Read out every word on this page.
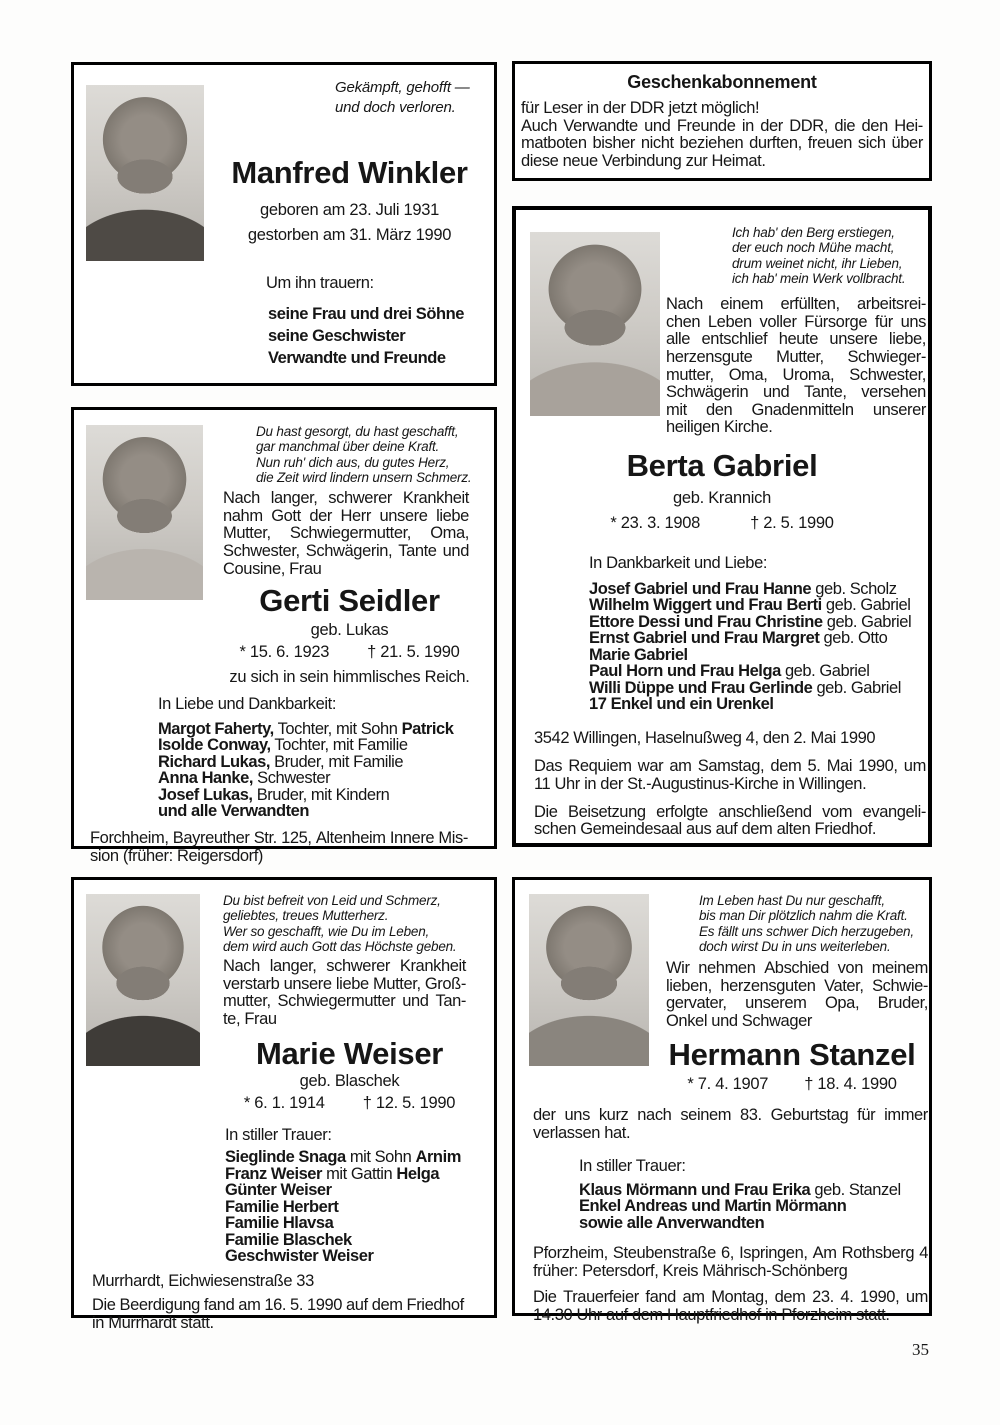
Gekämpft, gehofft —
und doch verloren.
Manfred Winkler
geboren am 23. Juli 1931
gestorben am 31. März 1990
Um ihn trauern:
seine Frau und drei Söhne
seine Geschwister
Verwandte und Freunde
Geschenkabonnement
für Leser in der DDR jetzt möglich!
Auch Verwandte und Freunde in der DDR, die den Hei-
matboten bisher nicht beziehen durften, freuen sich über
diese neue Verbindung zur Heimat.
Ich hab' den Berg erstiegen,
der euch noch Mühe macht,
drum weinet nicht, ihr Lieben,
ich hab' mein Werk vollbracht.
Nach einem erfüllten, arbeitsrei-
chen Leben voller Fürsorge für uns
alle entschlief heute unsere liebe,
herzensgute Mutter, Schwieger-
mutter, Oma, Uroma, Schwester,
Schwägerin und Tante, versehen
mit den Gnadenmitteln unserer
heiligen Kirche.
Berta Gabriel
geb. Krannich
* 23. 3. 1908	† 2. 5. 1990
In Dankbarkeit und Liebe:
Josef Gabriel und Frau Hanne geb. Scholz
Wilhelm Wiggert und Frau Berti geb. Gabriel
Ettore Dessi und Frau Christine geb. Gabriel
Ernst Gabriel und Frau Margret geb. Otto
Marie Gabriel
Paul Horn und Frau Helga geb. Gabriel
Willi Düppe und Frau Gerlinde geb. Gabriel
17 Enkel und ein Urenkel
3542 Willingen, Haselnußweg 4, den 2. Mai 1990
Das Requiem war am Samstag, dem 5. Mai 1990, um
11 Uhr in der St.-Augustinus-Kirche in Willingen.
Die Beisetzung erfolgte anschließend vom evangeli-
schen Gemeindesaal aus auf dem alten Friedhof.
Du hast gesorgt, du hast geschafft,
gar manchmal über deine Kraft.
Nun ruh' dich aus, du gutes Herz,
die Zeit wird lindern unsern Schmerz.
Nach langer, schwerer Krankheit
nahm Gott der Herr unsere liebe
Mutter, Schwiegermutter, Oma,
Schwester, Schwägerin, Tante und
Cousine, Frau
Gerti Seidler
geb. Lukas
* 15. 6. 1923 † 21. 5. 1990
zu sich in sein himmlisches Reich.
In Liebe und Dankbarkeit:
Margot Faherty, Tochter, mit Sohn Patrick
Isolde Conway, Tochter, mit Familie
Richard Lukas, Bruder, mit Familie
Anna Hanke, Schwester
Josef Lukas, Bruder, mit Kindern
und alle Verwandten
Forchheim, Bayreuther Str. 125, Altenheim Innere Mis-
sion (früher: Reigersdorf)
Du bist befreit von Leid und Schmerz,
geliebtes, treues Mutterherz.
Wer so geschafft, wie Du im Leben,
dem wird auch Gott das Höchste geben.
Nach langer, schwerer Krankheit
verstarb unsere liebe Mutter, Groß-
mutter, Schwiegermutter und Tan-
te, Frau
Marie Weiser
geb. Blaschek
* 6. 1. 1914 † 12. 5. 1990
In stiller Trauer:
Sieglinde Snaga mit Sohn Arnim
Franz Weiser mit Gattin Helga
Günter Weiser
Familie Herbert
Familie Hlavsa
Familie Blaschek
Geschwister Weiser
Murrhardt, Eichwiesenstraße 33
Die Beerdigung fand am 16. 5. 1990 auf dem Friedhof
in Murrhardt statt.
Im Leben hast Du nur geschafft,
bis man Dir plötzlich nahm die Kraft.
Es fällt uns schwer Dich herzugeben,
doch wirst Du in uns weiterleben.
Wir nehmen Abschied von meinem
lieben, herzensguten Vater, Schwie-
gervater, unserem Opa, Bruder,
Onkel und Schwager
Hermann Stanzel
* 7. 4. 1907 † 18. 4. 1990
der uns kurz nach seinem 83. Geburtstag für immer
verlassen hat.
In stiller Trauer:
Klaus Mörmann und Frau Erika geb. Stanzel
Enkel Andreas und Martin Mörmann
sowie alle Anverwandten
Pforzheim, Steubenstraße 6, Ispringen, Am Rothsberg 4
früher: Petersdorf, Kreis Mährisch-Schönberg
Die Trauerfeier fand am Montag, dem 23. 4. 1990, um
14.30 Uhr auf dem Hauptfriedhof in Pforzheim statt.
35
